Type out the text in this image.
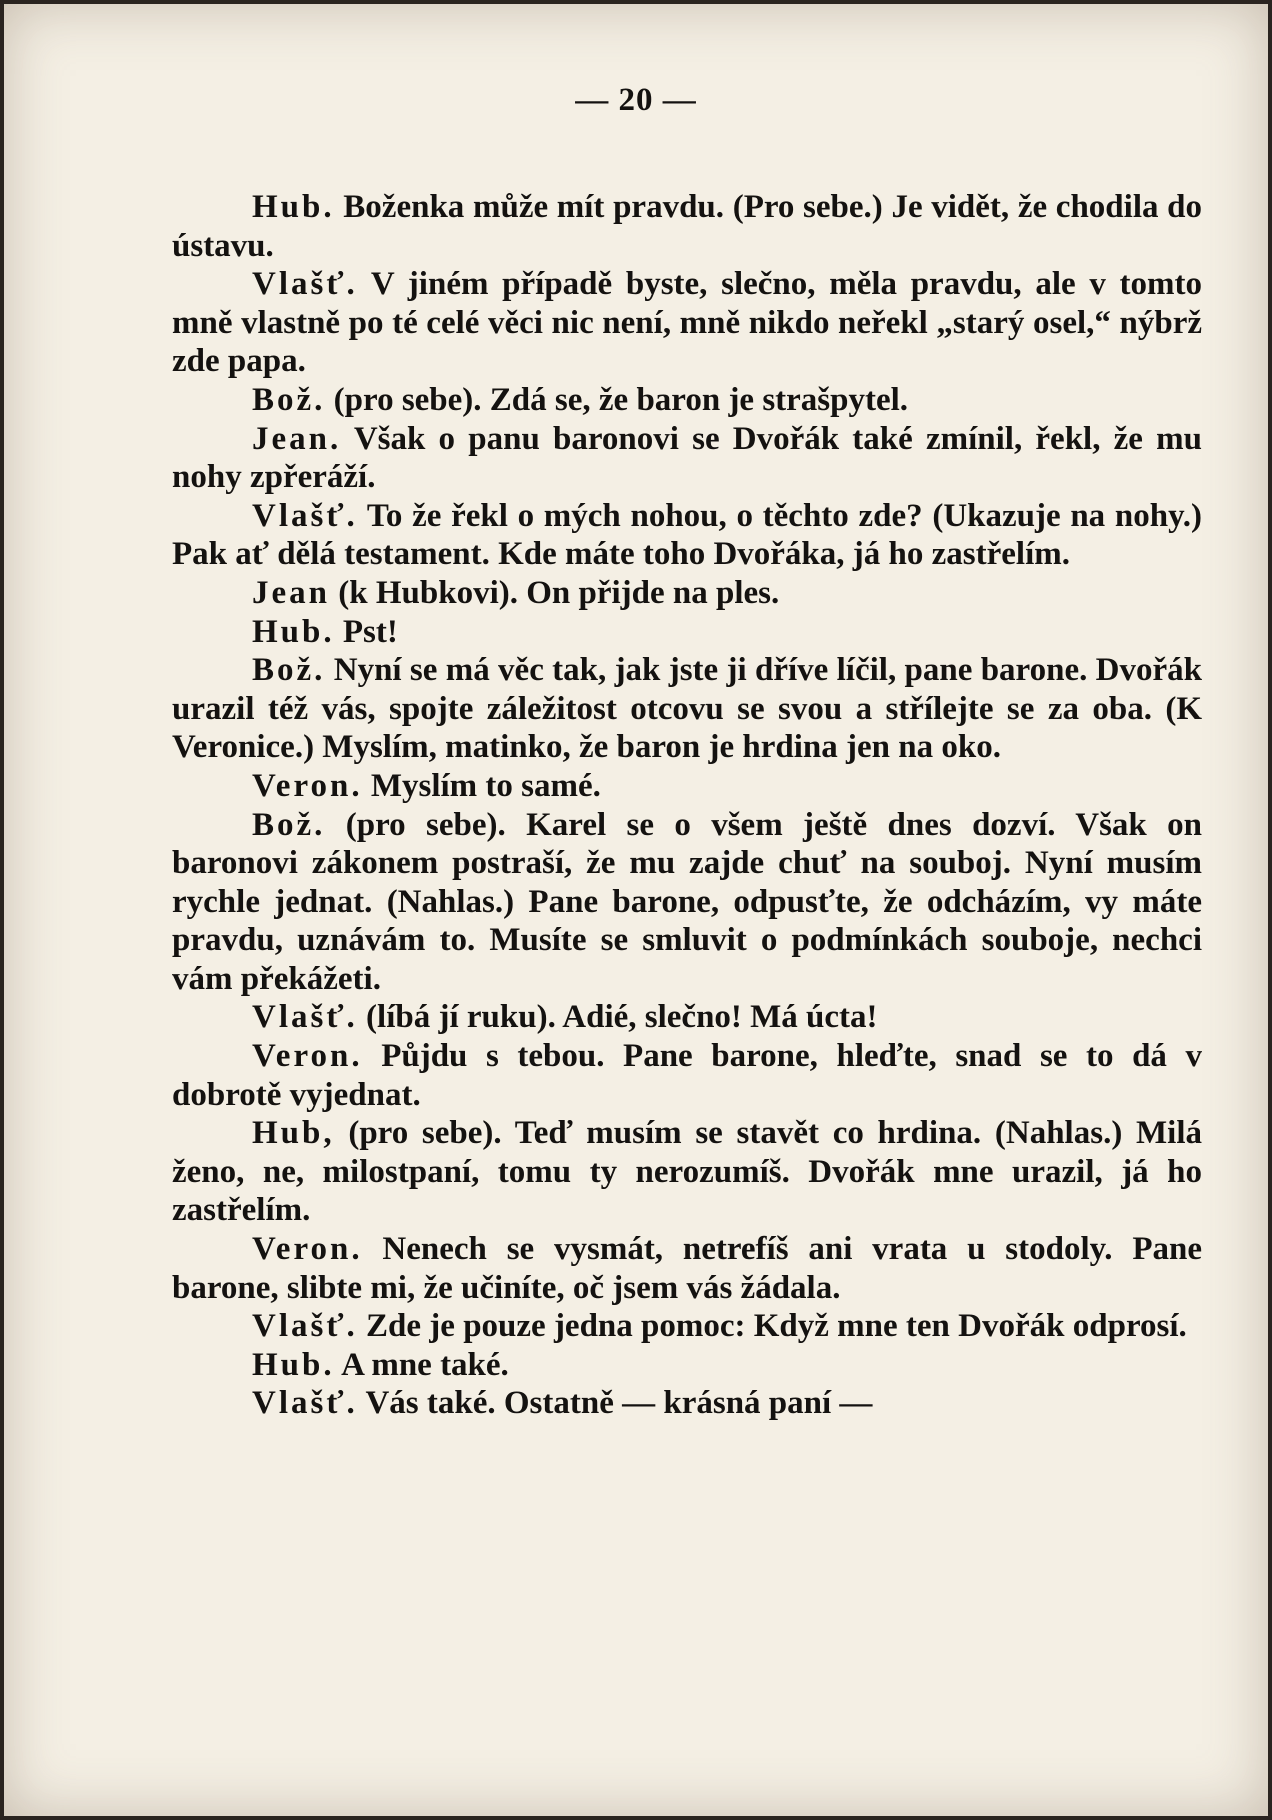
— 20 —

Hub. Boženka může mít pravdu. (Pro sebe.) Je vidět, že chodila do ústavu.

Vlašť. V jiném případě byste, slečno, měla pravdu, ale v tomto mně vlastně po té celé věci nic není, mně nikdo neřekl „starý osel,“ nýbrž zde papa.

Bož. (pro sebe). Zdá se, že baron je strašpytel.

Jean. Však o panu baronovi se Dvořák také zmínil, řekl, že mu nohy zpřeráží.

Vlašť. To že řekl o mých nohou, o těchto zde? (Ukazuje na nohy.) Pak ať dělá testament. Kde máte toho Dvořáka, já ho zastřelím.

Jean (k Hubkovi). On přijde na ples.

Hub. Pst!

Bož. Nyní se má věc tak, jak jste ji dříve líčil, pane barone. Dvořák urazil též vás, spojte záležitost otcovu se svou a střílejte se za oba. (K Veronice.) Myslím, matinko, že baron je hrdina jen na oko.

Veron. Myslím to samé.

Bož. (pro sebe). Karel se o všem ještě dnes dozví. Však on baronovi zákonem postraší, že mu zajde chuť na souboj. Nyní musím rychle jednat. (Nahlas.) Pane barone, odpusťte, že odcházím, vy máte pravdu, uznávám to. Musíte se smluvit o podmínkách souboje, nechci vám překážeti.

Vlašť. (líbá jí ruku). Adié, slečno! Má úcta!

Veron. Půjdu s tebou. Pane barone, hleďte, snad se to dá v dobrotě vyjednat.

Hub, (pro sebe). Teď musím se stavět co hrdina. (Nahlas.) Milá ženo, ne, milostpaní, tomu ty nerozumíš. Dvořák mne urazil, já ho zastřelím.

Veron. Nenech se vysmát, netrefíš ani vrata u stodoly. Pane barone, slibte mi, že učiníte, oč jsem vás žádala.

Vlašť. Zde je pouze jedna pomoc: Když mne ten Dvořák odprosí.

Hub. A mne také.

Vlašť. Vás také. Ostatně — krásná paní —
